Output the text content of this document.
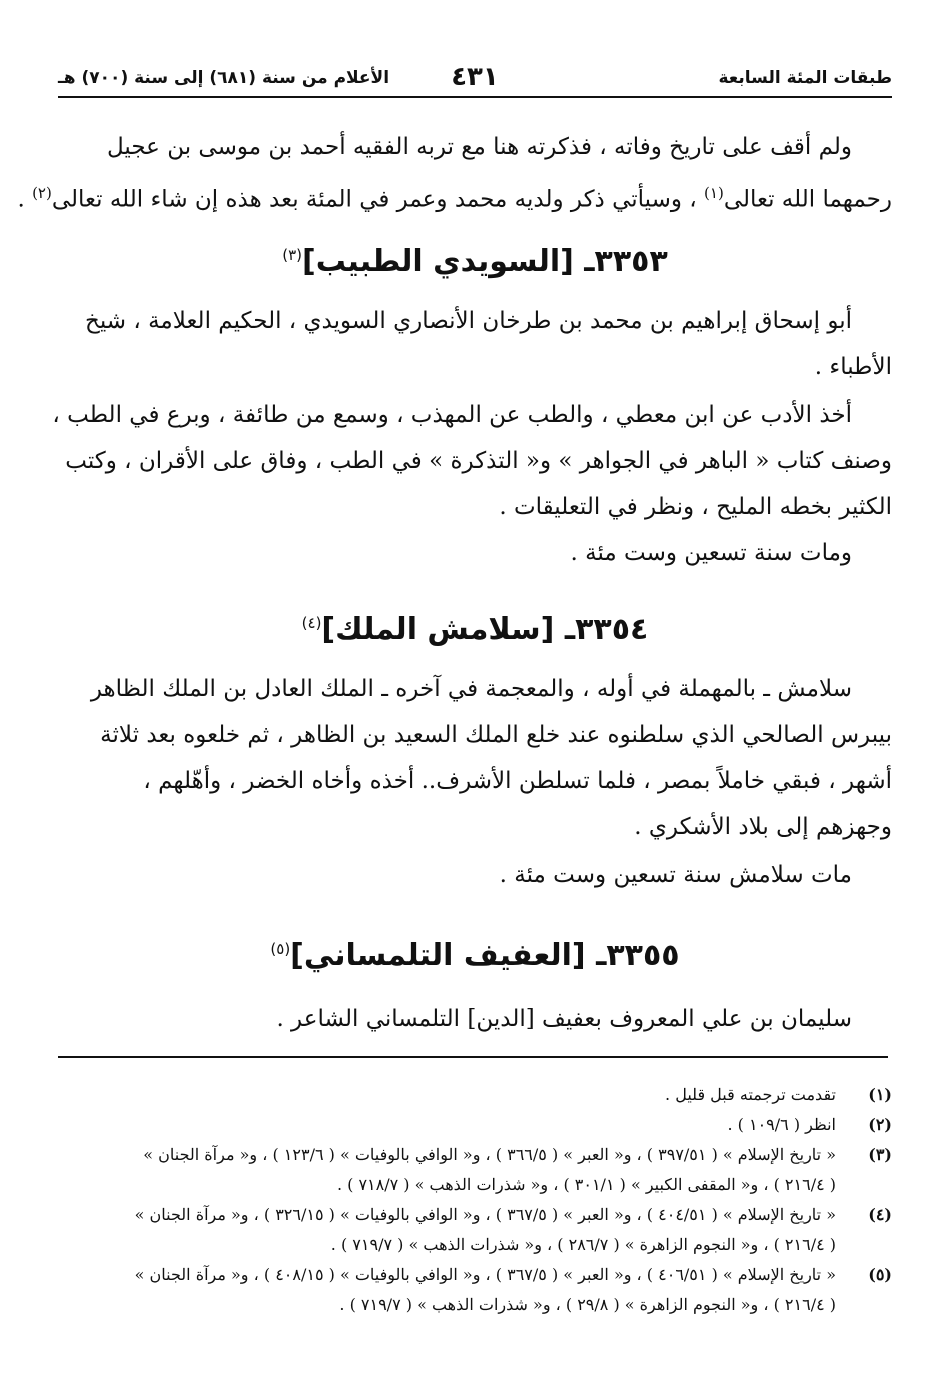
طبقات المئة السابعة
٤٣١
الأعلام من سنة (٦٨١) إلى سنة (٧٠٠) هـ
ولم أقف على تاريخ وفاته ، فذكرته هنا مع تربه الفقيه أحمد بن موسى بن عجيل
رحمهما الله تعالى$^{(١)}$ ، وسيأتي ذكر ولديه محمد وعمر في المئة بعد هذه إن شاء الله تعالى$^{(٢)}$ .
٣٣٥٣ـ [السويدي الطبيب]$^{(٣)}$
أبو إسحاق إبراهيم بن محمد بن طرخان الأنصاري السويدي ، الحكيم العلامة ، شيخ
الأطباء .
أخذ الأدب عن ابن معطي ، والطب عن المهذب ، وسمع من طائفة ، وبرع في الطب ،
وصنف كتاب « الباهر في الجواهر » و« التذكرة » في الطب ، وفاق على الأقران ، وكتب
الكثير بخطه المليح ، ونظر في التعليقات .
ومات سنة تسعين وست مئة .
٣٣٥٤ـ [سلامش الملك]$^{(٤)}$
سلامش ـ بالمهملة في أوله ، والمعجمة في آخره ـ الملك العادل بن الملك الظاهر
بيبرس الصالحي الذي سلطنوه عند خلع الملك السعيد بن الظاهر ، ثم خلعوه بعد ثلاثة
أشهر ، فبقي خاملاً بمصر ، فلما تسلطن الأشرف.. أخذه وأخاه الخضر ، وأهّلهم ،
وجهزهم إلى بلاد الأشكري .
مات سلامش سنة تسعين وست مئة .
٣٣٥٥ـ [العفيف التلمساني]$^{(٥)}$
سليمان بن علي المعروف بعفيف [الدين] التلمساني الشاعر .
(١)
تقدمت ترجمته قبل قليل .
(٢)
انظر ( ١٠٩/٦ ) .
(٣)
« تاريخ الإسلام » ( ٣٩٧/٥١ ) ، و« العبر » ( ٣٦٦/٥ ) ، و« الوافي بالوفيات » ( ١٢٣/٦ ) ، و« مرآة الجنان »
( ٢١٦/٤ ) ، و« المقفى الكبير » ( ٣٠١/١ ) ، و« شذرات الذهب » ( ٧١٨/٧ ) .
(٤)
« تاريخ الإسلام » ( ٤٠٤/٥١ ) ، و« العبر » ( ٣٦٧/٥ ) ، و« الوافي بالوفيات » ( ٣٢٦/١٥ ) ، و« مرآة الجنان »
( ٢١٦/٤ ) ، و« النجوم الزاهرة » ( ٢٨٦/٧ ) ، و« شذرات الذهب » ( ٧١٩/٧ ) .
(٥)
« تاريخ الإسلام » ( ٤٠٦/٥١ ) ، و« العبر » ( ٣٦٧/٥ ) ، و« الوافي بالوفيات » ( ٤٠٨/١٥ ) ، و« مرآة الجنان »
( ٢١٦/٤ ) ، و« النجوم الزاهرة » ( ٢٩/٨ ) ، و« شذرات الذهب » ( ٧١٩/٧ ) .
